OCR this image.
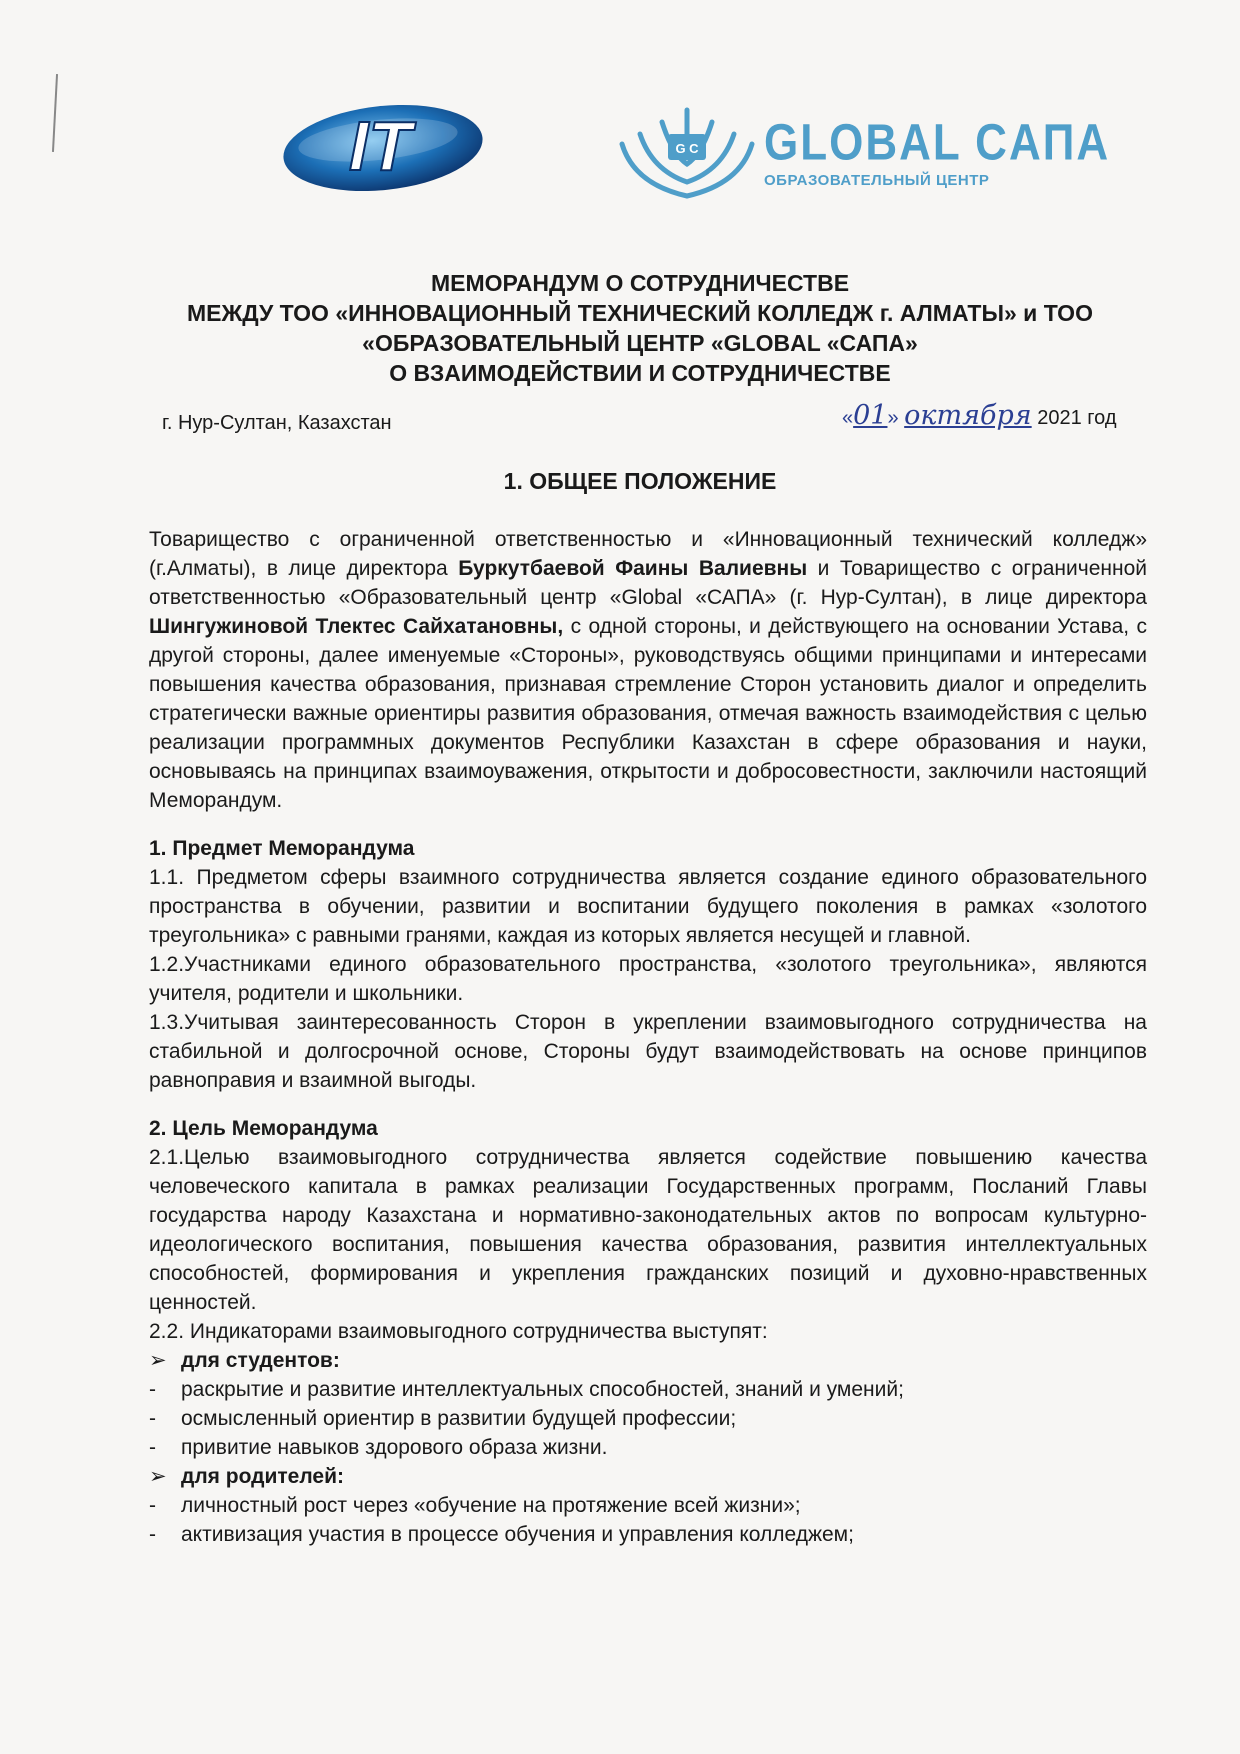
IT	G C GLOBAL CAПA
ОБРАЗОВАТЕЛЬНЫЙ ЦЕНТР
МЕМОРАНДУМ О СОТРУДНИЧЕСТВЕ
МЕЖДУ ТОО «ИННОВАЦИОННЫЙ ТЕХНИЧЕСКИЙ КОЛЛЕДЖ г. АЛМАТЫ» и ТОО
«ОБРАЗОВАТЕЛЬНЫЙ ЦЕНТР «GLOBAL «САПА»
О ВЗАИМОДЕЙСТВИИ И СОТРУДНИЧЕСТВЕ
г. Нур-Султан, Казахстан	«01» октября 2021 год
1. ОБЩЕЕ ПОЛОЖЕНИЕ

Товарищество с ограниченной ответственностью и «Инновационный технический колледж» (г.Алматы), в лице директора Буркутбаевой Фаины Валиевны и Товарищество с ограниченной ответственностью «Образовательный центр «Global «САПА» (г. Нур-Султан), в лице директора Шингужиновой Тлектес Сайхатановны, с одной стороны, и действующего на основании Устава, с другой стороны, далее именуемые «Стороны», руководствуясь общими принципами и интересами повышения качества образования, признавая стремление Сторон установить диалог и определить стратегически важные ориентиры развития образования, отмечая важность взаимодействия с целью реализации программных документов Республики Казахстан в сфере образования и науки, основываясь на принципах взаимоуважения, открытости и добросовестности, заключили настоящий Меморандум.

1. Предмет Меморандума

1.1. Предметом сферы взаимного сотрудничества является создание единого образовательного пространства в обучении, развитии и воспитании будущего поколения в рамках «золотого треугольника» с равными гранями, каждая из которых является несущей и главной.

1.2.Участниками единого образовательного пространства, «золотого треугольника», являются учителя, родители и школьники.

1.3.Учитывая заинтересованность Сторон в укреплении взаимовыгодного сотрудничества на стабильной и долгосрочной основе, Стороны будут взаимодействовать на основе принципов равноправия и взаимной выгоды.

2. Цель Меморандума

2.1.Целью взаимовыгодного сотрудничества является содействие повышению качества человеческого капитала в рамках реализации Государственных программ, Посланий Главы государства народу Казахстана и нормативно-законодательных актов по вопросам культурно-идеологического воспитания, повышения качества образования, развития интеллектуальных способностей, формирования и укрепления гражданских позиций и духовно-нравственных ценностей.

2.2. Индикаторами взаимовыгодного сотрудничества выступят:

➢ для студентов:
-	раскрытие и развитие интеллектуальных способностей, знаний и умений;
-	осмысленный ориентир в развитии будущей профессии;
-	привитие навыков здорового образа жизни.
➢ для родителей:
-	личностный рост через «обучение на протяжение всей жизни»;
-	активизация участия в процессе обучения и управления колледжем;
